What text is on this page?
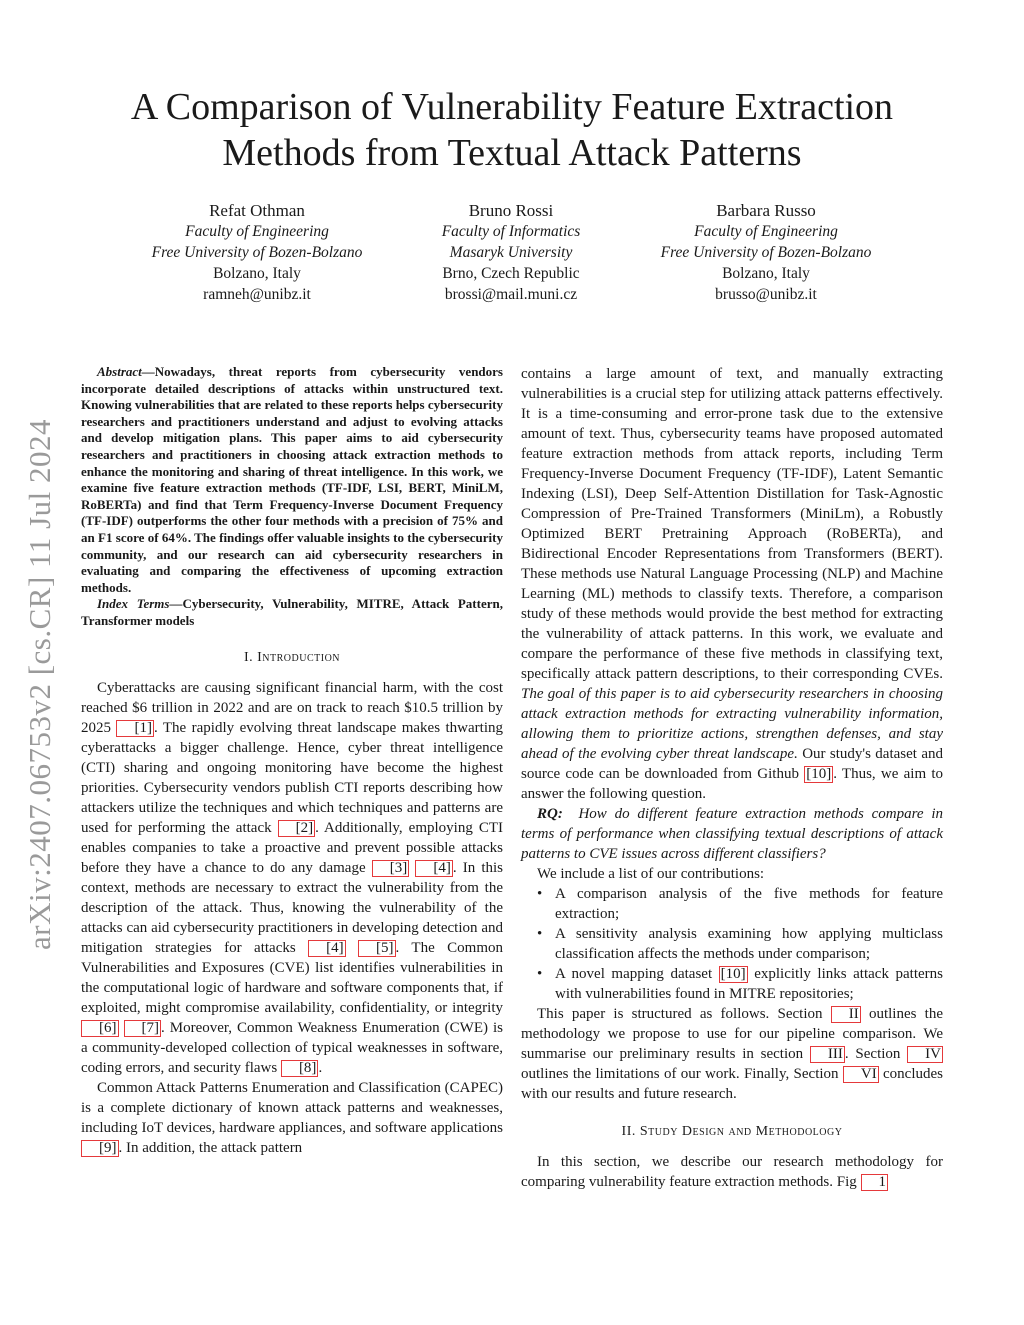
arXiv:2407.06753v2 [cs.CR] 11 Jul 2024
A Comparison of Vulnerability Feature Extraction
Methods from Textual Attack Patterns
Refat Othman
Faculty of Engineering
Free University of Bozen-Bolzano
Bolzano, Italy
ramneh@unibz.it
Bruno Rossi
Faculty of Informatics
Masaryk University
Brno, Czech Republic
brossi@mail.muni.cz
Barbara Russo
Faculty of Engineering
Free University of Bozen-Bolzano
Bolzano, Italy
brusso@unibz.it

Abstract—Nowadays, threat reports from cybersecurity vendors incorporate detailed descriptions of attacks within unstructured text. Knowing vulnerabilities that are related to these reports helps cybersecurity researchers and practitioners understand and adjust to evolving attacks and develop mitigation plans. This paper aims to aid cybersecurity researchers and practitioners in choosing attack extraction methods to enhance the monitoring and sharing of threat intelligence. In this work, we examine five feature extraction methods (TF-IDF, LSI, BERT, MiniLM, RoBERTa) and find that Term Frequency-Inverse Document Frequency (TF-IDF) outperforms the other four methods with a precision of 75% and an F1 score of 64%. The findings offer valuable insights to the cybersecurity community, and our research can aid cybersecurity researchers in evaluating and comparing the effectiveness of upcoming extraction methods.

Index Terms—Cybersecurity, Vulnerability, MITRE, Attack Pattern, Transformer models

I. Introduction

Cyberattacks are causing significant financial harm, with the cost reached $6 trillion in 2022 and are on track to reach $10.5 trillion by 2025 [1] . The rapidly evolving threat landscape makes thwarting cyberattacks a bigger challenge. Hence, cyber threat intelligence (CTI) sharing and ongoing monitoring have become the highest priorities. Cybersecurity vendors publish CTI reports describing how attackers utilize the techniques and which techniques and patterns are used for performing the attack [2] . Additionally, employing CTI enables companies to take a proactive and prevent possible attacks before they have a chance to do any damage [3] [4] . In this context, methods are necessary to extract the vulnerability from the description of the attack. Thus, knowing the vulnerability of the attacks can aid cybersecurity practitioners in developing detection and mitigation strategies for attacks [4] [5] . The Common Vulnerabilities and Exposures (CVE) list identifies vulnerabilities in the computational logic of hardware and software components that, if exploited, might compromise availability, confidentiality, or integrity [6] [7] . Moreover, Common Weakness Enumeration (CWE) is a community-developed collection of typical weaknesses in software, coding errors, and security flaws [8] .

Common Attack Patterns Enumeration and Classification (CAPEC) is a complete dictionary of known attack patterns and weaknesses, including IoT devices, hardware appliances, and software applications [9] . In addition, the attack pattern

contains a large amount of text, and manually extracting vulnerabilities is a crucial step for utilizing attack patterns effectively. It is a time-consuming and error-prone task due to the extensive amount of text. Thus, cybersecurity teams have proposed automated feature extraction methods from attack reports, including Term Frequency-Inverse Document Frequency (TF-IDF), Latent Semantic Indexing (LSI), Deep Self-Attention Distillation for Task-Agnostic Compression of Pre-Trained Transformers (MiniLm), a Robustly Optimized BERT Pretraining Approach (RoBERTa), and Bidirectional Encoder Representations from Transformers (BERT). These methods use Natural Language Processing (NLP) and Machine Learning (ML) methods to classify texts. Therefore, a comparison study of these methods would provide the best method for extracting the vulnerability of attack patterns. In this work, we evaluate and compare the performance of these five methods in classifying text, specifically attack pattern descriptions, to their corresponding CVEs. The goal of this paper is to aid cybersecurity researchers in choosing attack extraction methods for extracting vulnerability information, allowing them to prioritize actions, strengthen defenses, and stay ahead of the evolving cyber threat landscape. Our study's dataset and source code can be downloaded from Github [10] . Thus, we aim to answer the following question.

RQ: How do different feature extraction methods compare in terms of performance when classifying textual descriptions of attack patterns to CVE issues across different classifiers?

We include a list of our contributions:

• A comparison analysis of the five methods for feature extraction;
• A sensitivity analysis examining how applying multiclass classification affects the methods under comparison;
• A novel mapping dataset [10] explicitly links attack patterns with vulnerabilities found in MITRE repositories;

This paper is structured as follows. Section II outlines the methodology we propose to use for our pipeline comparison. We summarise our preliminary results in section III . Section IV outlines the limitations of our work. Finally, Section VI concludes with our results and future research.

II. Study Design and Methodology

In this section, we describe our research methodology for comparing vulnerability feature extraction methods. Fig 1
